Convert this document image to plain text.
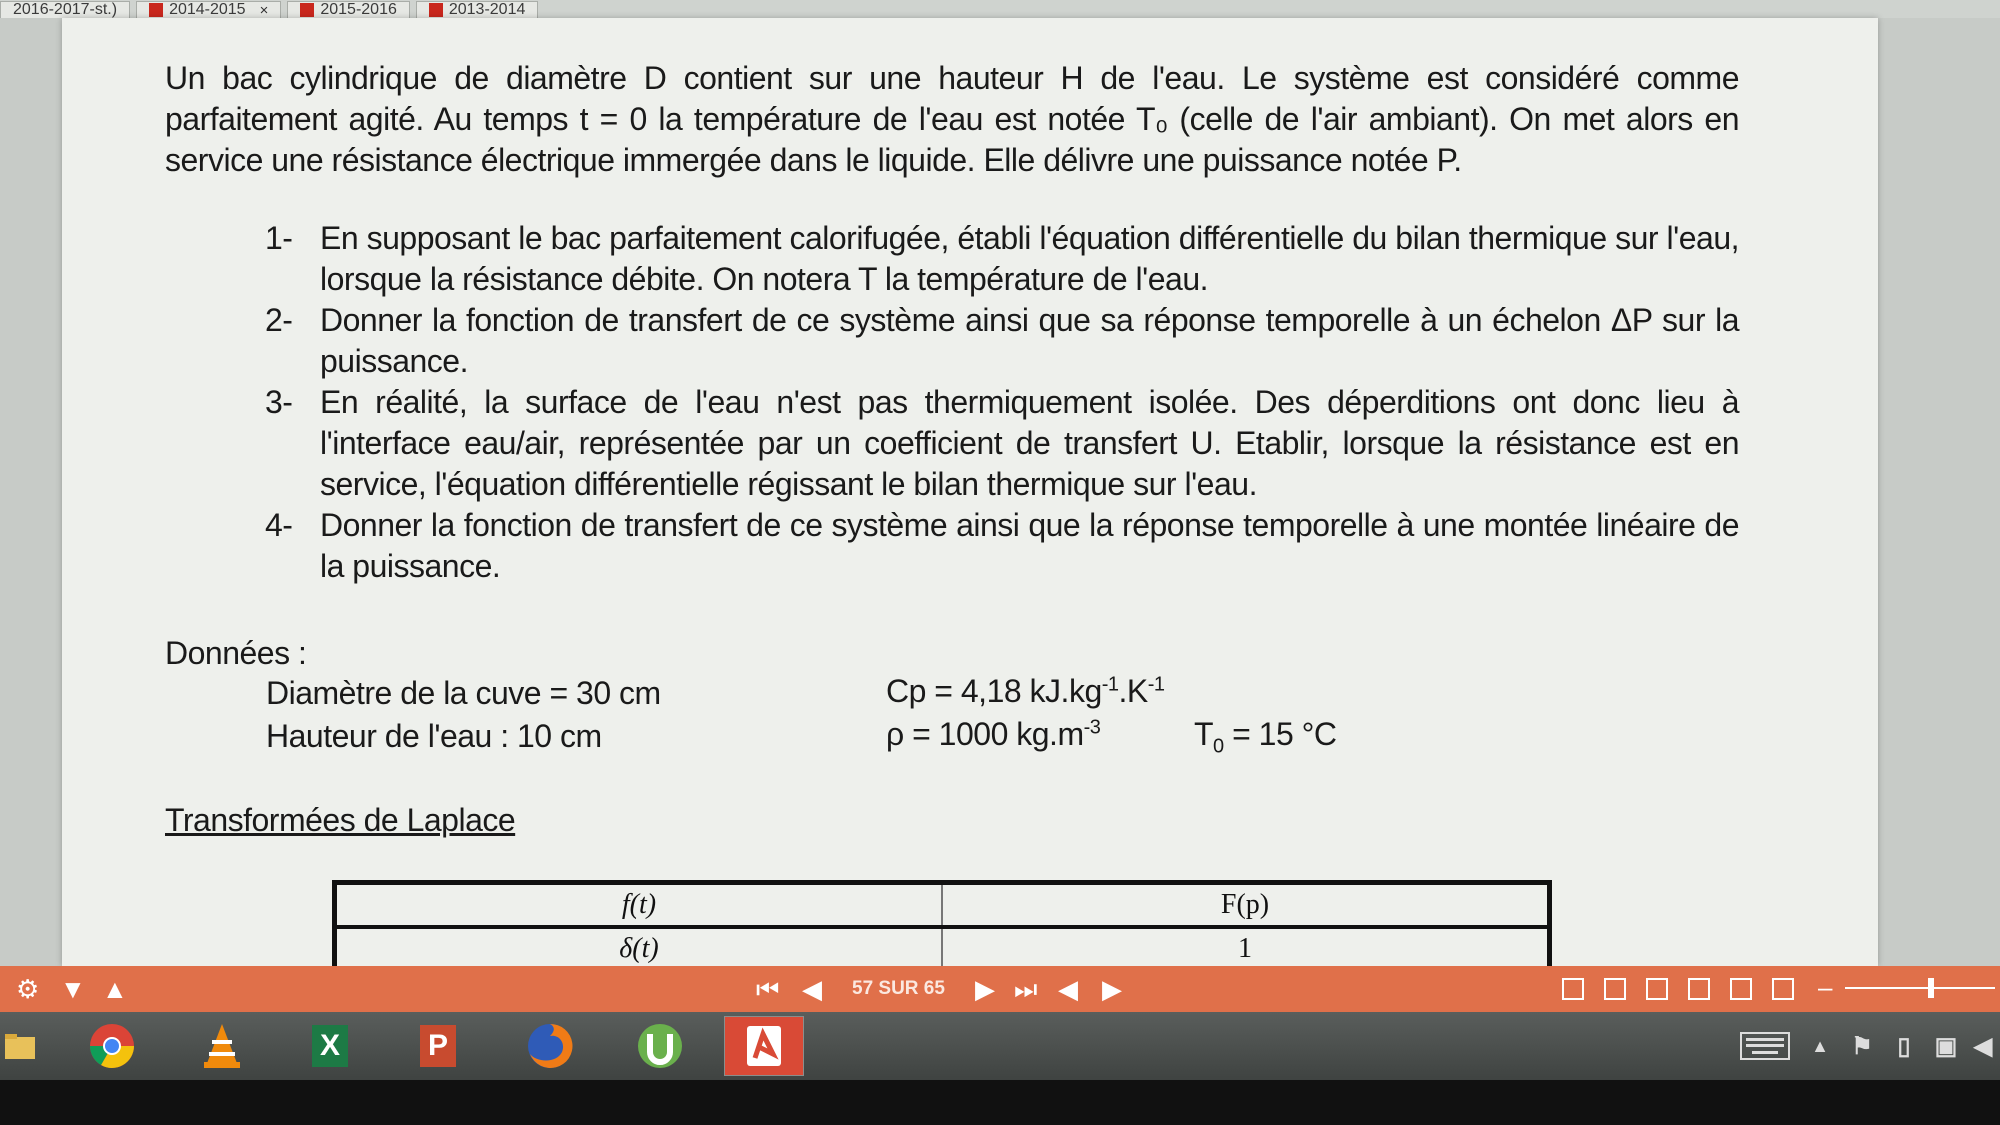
2016-2017-st.)	2014-2015 ×	2015-2016	2013-2014
Un bac cylindrique de diamètre D contient sur une hauteur H de l'eau. Le système est considéré comme parfaitement agité. Au temps t = 0 la température de l'eau est notée T₀ (celle de l'air ambiant). On met alors en service une résistance électrique immergée dans le liquide. Elle délivre une puissance notée P.
1- En supposant le bac parfaitement calorifugée, établi l'équation différentielle du bilan thermique sur l'eau, lorsque la résistance débite. On notera T la température de l'eau.
2- Donner la fonction de transfert de ce système ainsi que sa réponse temporelle à un échelon ΔP sur la puissance.
3- En réalité, la surface de l'eau n'est pas thermiquement isolée. Des déperditions ont donc lieu à l'interface eau/air, représentée par un coefficient de transfert U. Etablir, lorsque la résistance est en service, l'équation différentielle régissant le bilan thermique sur l'eau.
4- Donner la fonction de transfert de ce système ainsi que la réponse temporelle à une montée linéaire de la puissance.
Données :
Diamètre de la cuve = 30 cm
Hauteur de l'eau : 10 cm
Cp = 4,18 $kJ.kg^{-1}.K^{-1}$
ρ = 1000 $kg.m^{-3}$	$T_0 = 15$ °C
Transformées de Laplace
f(t)	F(p)
δ(t)	1
⚙ ▼ ▲	⏮ ◀ 57 SUR 65 ▶ ⏭ ◀ ▶	–
X	P	▲ ⚑	▯	▣ ◀
